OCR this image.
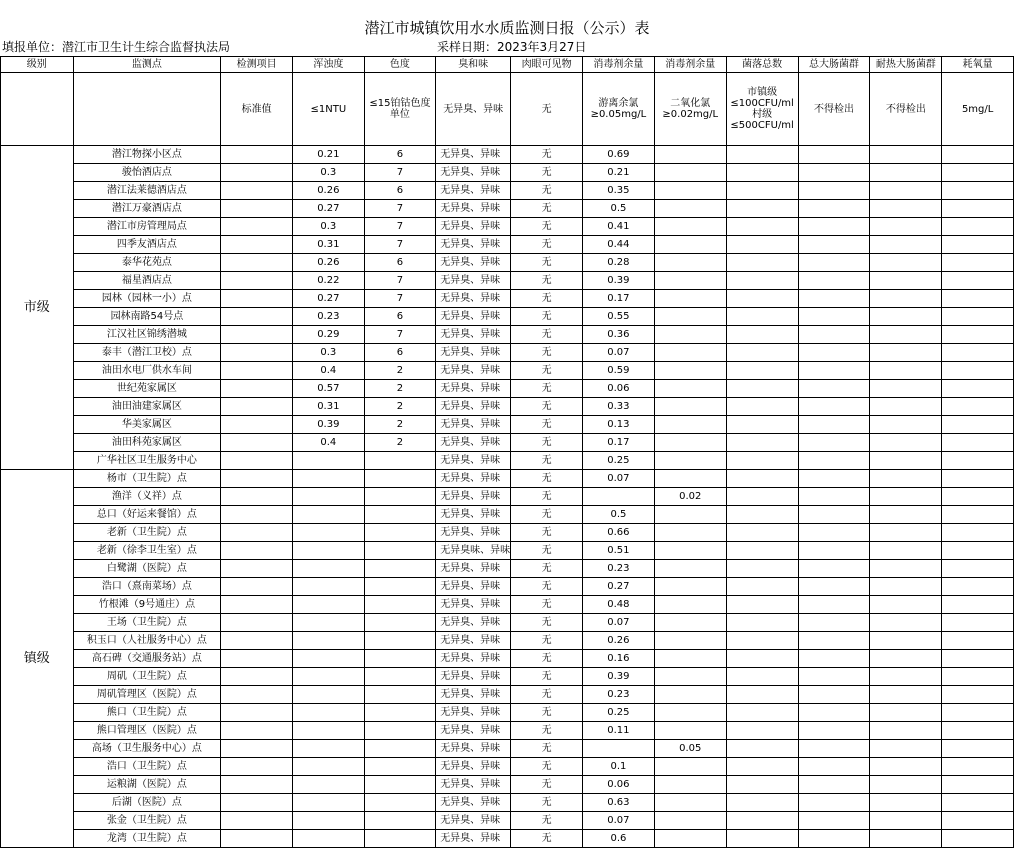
潜江市城镇饮用水水质监测日报（公示）表
填报单位：潜江市卫生计生综合监督执法局	采样日期：2023年3月27日
级别	监测点	检测项目	浑浊度	色度	臭和味	肉眼可见物	消毒剂余量	消毒剂余量	菌落总数	总大肠菌群	耐热大肠菌群	耗氧量
		标准值	≤1NTU	≤15铂钴色度单位	无异臭、异味	无	游离余氯≥0.05mg/L	二氧化氯≥0.02mg/L	市镇级≤100CFU/ml 村级≤500CFU/ml	不得检出	不得检出	5mg/L
市级	潜江物探小区点		0.21	6	无异臭、异味	无	0.69					
	骏怡酒店点		0.3	7	无异臭、异味	无	0.21					
	潜江法莱德酒店点		0.26	6	无异臭、异味	无	0.35					
	潜江万豪酒店点		0.27	7	无异臭、异味	无	0.5					
	潜江市房管理局点		0.3	7	无异臭、异味	无	0.41					
	四季友酒店点		0.31	7	无异臭、异味	无	0.44					
	泰华花苑点		0.26	6	无异臭、异味	无	0.28					
	福星酒店点		0.22	7	无异臭、异味	无	0.39					
	园林（园林一小）点		0.27	7	无异臭、异味	无	0.17					
	园林南路54号点		0.23	6	无异臭、异味	无	0.55					
	江汉社区锦绣潜城		0.29	7	无异臭、异味	无	0.36					
	泰丰（潜江卫校）点		0.3	6	无异臭、异味	无	0.07					
	油田水电厂供水车间		0.4	2	无异臭、异味	无	0.59					
	世纪苑家属区		0.57	2	无异臭、异味	无	0.06					
	油田油建家属区		0.31	2	无异臭、异味	无	0.33					
	华美家属区		0.39	2	无异臭、异味	无	0.13					
	油田科苑家属区		0.4	2	无异臭、异味	无	0.17					
	广华社区卫生服务中心				无异臭、异味	无	0.25					
镇级	杨市（卫生院）点				无异臭、异味	无	0.07					
	渔洋（义祥）点				无异臭、异味	无		0.02				
	总口（好运来餐馆）点				无异臭、异味	无	0.5					
	老新（卫生院）点				无异臭、异味	无	0.66					
	老新（徐李卫生室）点				无异臭味、异味	无	0.51					
	白鹭湖（医院）点				无异臭、异味	无	0.23					
	浩口（熹南菜场）点				无异臭、异味	无	0.27					
	竹根滩（9号通庄）点				无异臭、异味	无	0.48					
	王场（卫生院）点				无异臭、异味	无	0.07					
	积玉口（人社服务中心）点				无异臭、异味	无	0.26					
	高石碑（交通服务站）点				无异臭、异味	无	0.16					
	周矶（卫生院）点				无异臭、异味	无	0.39					
	周矶管理区（医院）点				无异臭、异味	无	0.23					
	熊口（卫生院）点				无异臭、异味	无	0.25					
	熊口管理区（医院）点				无异臭、异味	无	0.11					
	高场（卫生服务中心）点				无异臭、异味	无		0.05				
	浩口（卫生院）点				无异臭、异味	无	0.1					
	运粮湖（医院）点				无异臭、异味	无	0.06					
	后湖（医院）点				无异臭、异味	无	0.63					
	张金（卫生院）点				无异臭、异味	无	0.07					
	龙湾（卫生院）点				无异臭、异味	无	0.6					
